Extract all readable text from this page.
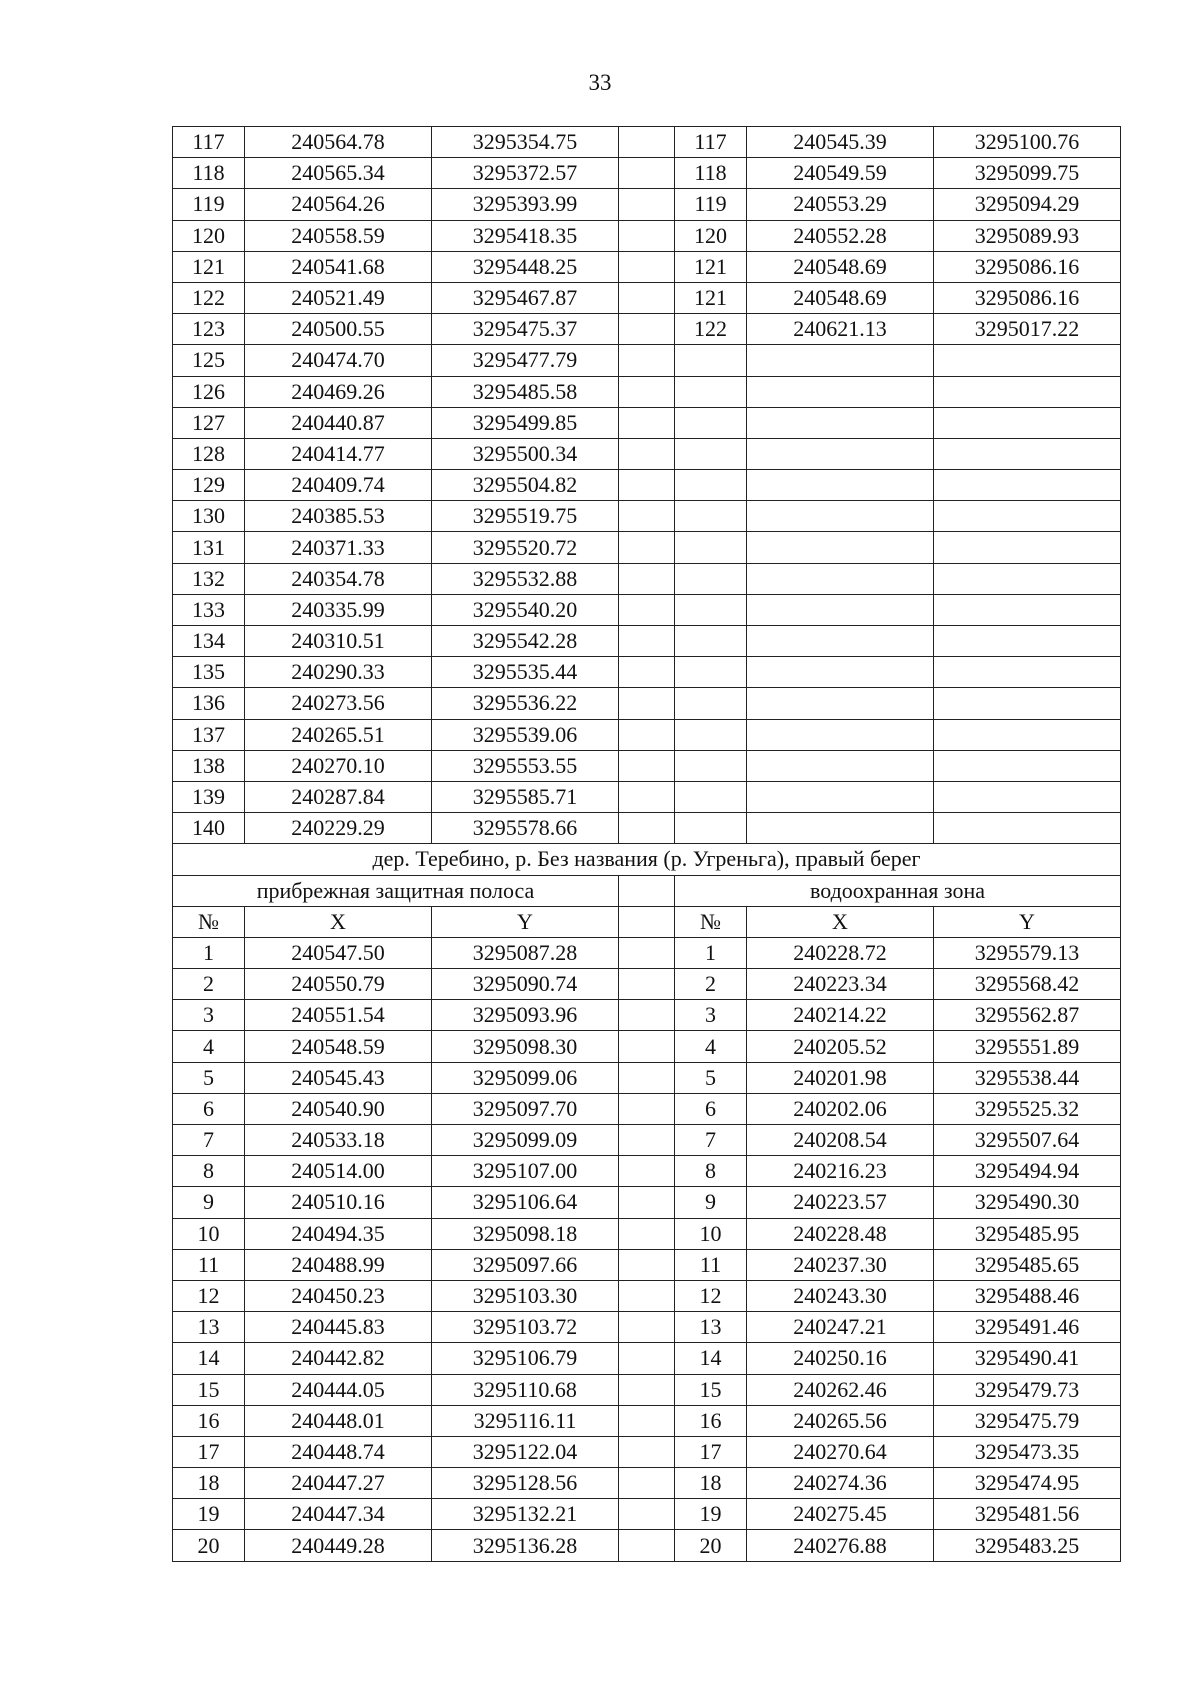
33
117	240564.78	3295354.75		117	240545.39	3295100.76
118	240565.34	3295372.57		118	240549.59	3295099.75
119	240564.26	3295393.99		119	240553.29	3295094.29
120	240558.59	3295418.35		120	240552.28	3295089.93
121	240541.68	3295448.25		121	240548.69	3295086.16
122	240521.49	3295467.87		121	240548.69	3295086.16
123	240500.55	3295475.37		122	240621.13	3295017.22
125	240474.70	3295477.79				
126	240469.26	3295485.58				
127	240440.87	3295499.85				
128	240414.77	3295500.34				
129	240409.74	3295504.82				
130	240385.53	3295519.75				
131	240371.33	3295520.72				
132	240354.78	3295532.88				
133	240335.99	3295540.20				
134	240310.51	3295542.28				
135	240290.33	3295535.44				
136	240273.56	3295536.22				
137	240265.51	3295539.06				
138	240270.10	3295553.55				
139	240287.84	3295585.71				
140	240229.29	3295578.66				
дер. Теребино, р. Без названия (р. Угреньга), правый берег						
прибрежная защитная полоса				водоохранная зона		
№	X	Y		№	X	Y
1	240547.50	3295087.28		1	240228.72	3295579.13
2	240550.79	3295090.74		2	240223.34	3295568.42
3	240551.54	3295093.96		3	240214.22	3295562.87
4	240548.59	3295098.30		4	240205.52	3295551.89
5	240545.43	3295099.06		5	240201.98	3295538.44
6	240540.90	3295097.70		6	240202.06	3295525.32
7	240533.18	3295099.09		7	240208.54	3295507.64
8	240514.00	3295107.00		8	240216.23	3295494.94
9	240510.16	3295106.64		9	240223.57	3295490.30
10	240494.35	3295098.18		10	240228.48	3295485.95
11	240488.99	3295097.66		11	240237.30	3295485.65
12	240450.23	3295103.30		12	240243.30	3295488.46
13	240445.83	3295103.72		13	240247.21	3295491.46
14	240442.82	3295106.79		14	240250.16	3295490.41
15	240444.05	3295110.68		15	240262.46	3295479.73
16	240448.01	3295116.11		16	240265.56	3295475.79
17	240448.74	3295122.04		17	240270.64	3295473.35
18	240447.27	3295128.56		18	240274.36	3295474.95
19	240447.34	3295132.21		19	240275.45	3295481.56
20	240449.28	3295136.28		20	240276.88	3295483.25
